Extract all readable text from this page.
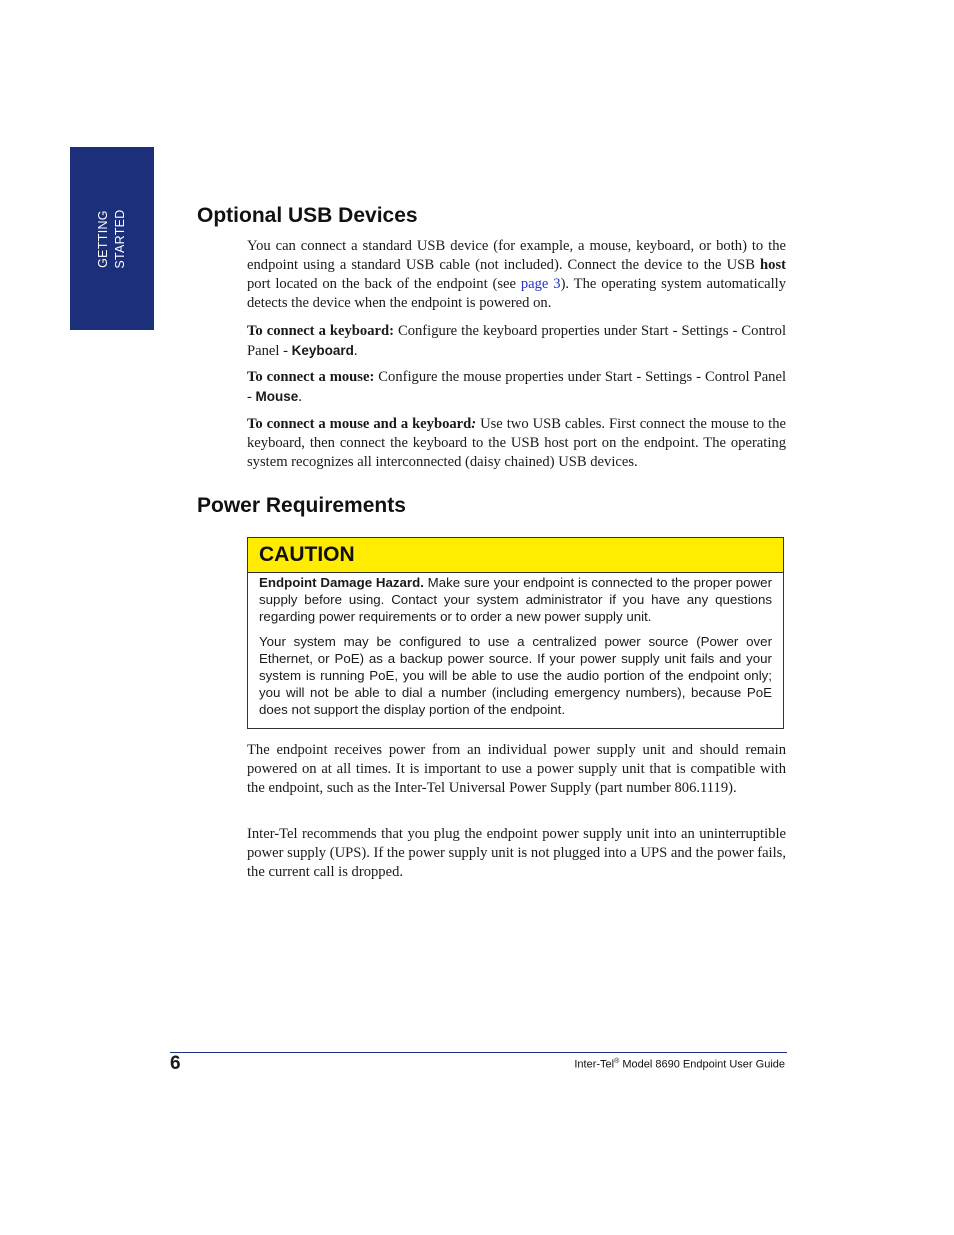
GETTING STARTED	Optional USB Devices

You can connect a standard USB device (for example, a mouse, keyboard, or both) to the endpoint using a standard USB cable (not included). Connect the device to the USB host port located on the back of the endpoint (see page 3). The operating system automatically detects the device when the endpoint is powered on.

To connect a keyboard: Configure the keyboard properties under Start - Settings - Control Panel - Keyboard.

To connect a mouse: Configure the mouse properties under Start - Settings - Control Panel - Mouse.

To connect a mouse and a keyboard: Use two USB cables. First connect the mouse to the keyboard, then connect the keyboard to the USB host port on the endpoint. The operating system recognizes all interconnected (daisy chained) USB devices.

Power Requirements
CAUTION

Endpoint Damage Hazard. Make sure your endpoint is connected to the proper power supply before using. Contact your system administrator if you have any questions regarding power requirements or to order a new power supply unit.

Your system may be configured to use a centralized power source (Power over Ethernet, or PoE) as a backup power source. If your power supply unit fails and your system is running PoE, you will be able to use the audio portion of the endpoint only; you will not be able to dial a number (including emergency numbers), because PoE does not support the display portion of the endpoint.

The endpoint receives power from an individual power supply unit and should remain powered on at all times. It is important to use a power supply unit that is compatible with the endpoint, such as the Inter-Tel Universal Power Supply (part number 806.1119).

Inter-Tel recommends that you plug the endpoint power supply unit into an uninterruptible power supply (UPS). If the power supply unit is not plugged into a UPS and the power fails, the current call is dropped.

6	Inter-Tel® Model 8690 Endpoint User Guide
